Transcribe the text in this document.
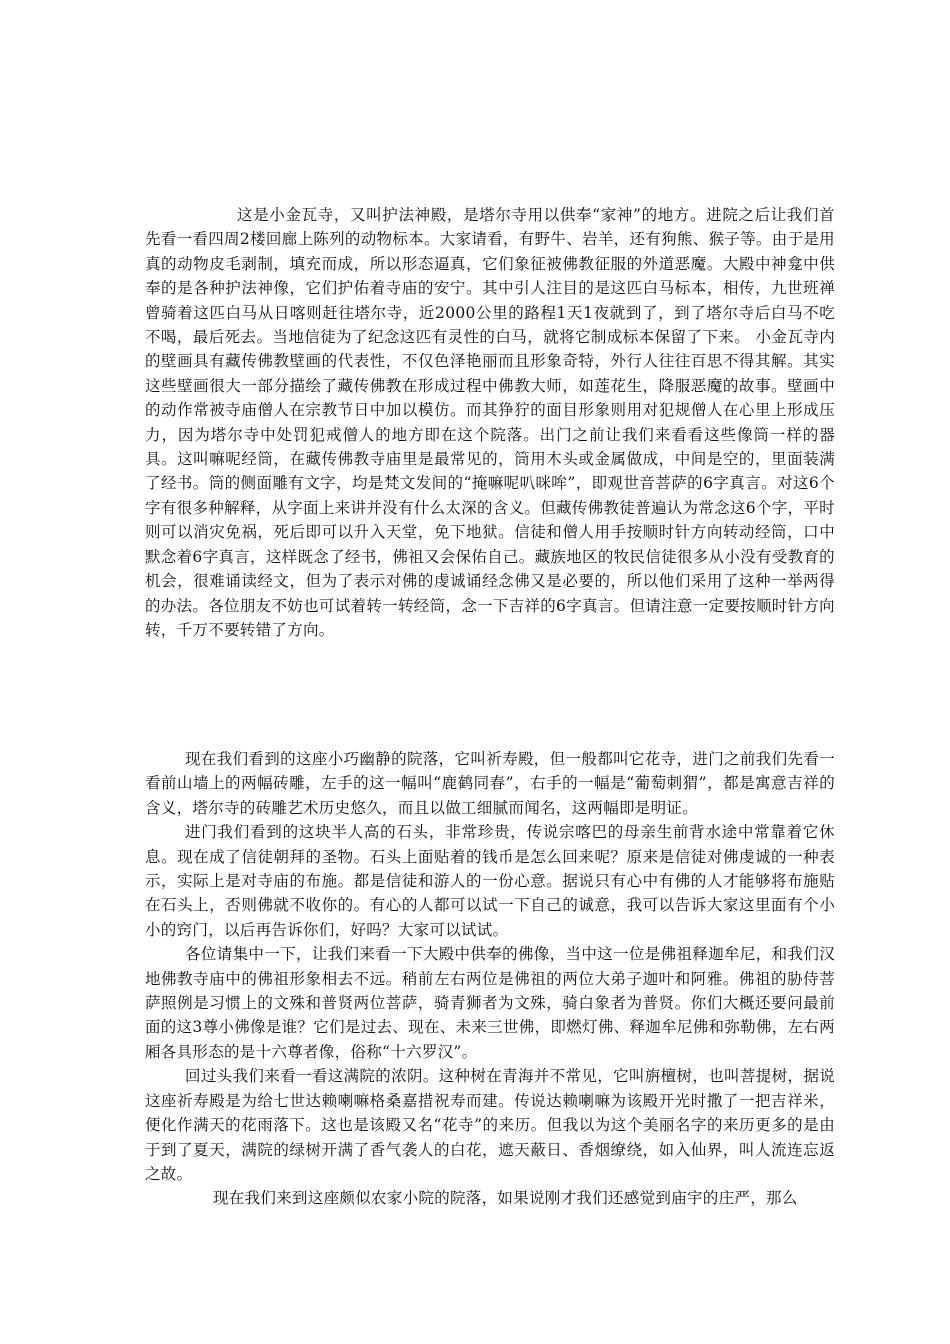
这是小金瓦寺，又叫护法神殿，是塔尔寺用以供奉“家神”的地方。进院之后让我们首先看一看四周2楼回廊上陈列的动物标本。大家请看，有野牛、岩羊，还有狗熊、猴子等。由于是用真的动物皮毛剥制，填充而成，所以形态逼真，它们象征被佛教征服的外道恶魔。大殿中神龛中供奉的是各种护法神像，它们护佑着寺庙的安宁。其中引人注目的是这匹白马标本，相传，九世班禅曾骑着这匹白马从日喀则赶往塔尔寺，近2000公里的路程1天1夜就到了，到了塔尔寺后白马不吃不喝，最后死去。当地信徒为了纪念这匹有灵性的白马，就将它制成标本保留了下来。 小金瓦寺内的壁画具有藏传佛教壁画的代表性，不仅色泽艳丽而且形象奇特，外行人往往百思不得其解。其实这些壁画很大一部分描绘了藏传佛教在形成过程中佛教大师，如莲花生，降服恶魔的故事。壁画中的动作常被寺庙僧人在宗教节日中加以模仿。而其狰狞的面目形象则用对犯规僧人在心里上形成压力，因为塔尔寺中处罚犯戒僧人的地方即在这个院落。出门之前让我们来看看这些像筒一样的器具。这叫嘛呢经筒，在藏传佛教寺庙里是最常见的，筒用木头或金属做成，中间是空的，里面装满了经书。筒的侧面雕有文字，均是梵文发间的“掩嘛呢叭咪哞”，即观世音菩萨的6字真言。对这6个字有很多种解释，从字面上来讲并没有什么太深的含义。但藏传佛教徒普遍认为常念这6个字，平时则可以消灾免祸，死后即可以升入天堂，免下地狱。信徒和僧人用手按顺时针方向转动经筒，口中默念着6字真言，这样既念了经书，佛祖又会保佑自己。藏族地区的牧民信徒很多从小没有受教育的机会，很难诵读经文，但为了表示对佛的虔诚诵经念佛又是必要的，所以他们采用了这种一举两得的办法。各位朋友不妨也可试着转一转经筒，念一下吉祥的6字真言。但请注意一定要按顺时针方向转，千万不要转错了方向。

现在我们看到的这座小巧幽静的院落，它叫祈寿殿，但一般都叫它花寺，进门之前我们先看一看前山墙上的两幅砖雕，左手的这一幅叫“鹿鹤同春”，右手的一幅是“葡萄刺猬”，都是寓意吉祥的含义，塔尔寺的砖雕艺术历史悠久，而且以做工细腻而闻名，这两幅即是明证。

进门我们看到的这块半人高的石头，非常珍贵，传说宗喀巴的母亲生前背水途中常靠着它休息。现在成了信徒朝拜的圣物。石头上面贴着的钱币是怎么回来呢？原来是信徒对佛虔诚的一种表示，实际上是对寺庙的布施。都是信徒和游人的一份心意。据说只有心中有佛的人才能够将布施贴在石头上，否则佛就不收你的。有心的人都可以试一下自己的诚意，我可以告诉大家这里面有个小小的窍门，以后再告诉你们，好吗？大家可以试试。

各位请集中一下，让我们来看一下大殿中供奉的佛像，当中这一位是佛祖释迦牟尼，和我们汉地佛教寺庙中的佛祖形象相去不远。稍前左右两位是佛祖的两位大弟子迦叶和阿雅。佛祖的胁侍菩萨照例是习惯上的文殊和普贤两位菩萨，骑青狮者为文殊，骑白象者为普贤。你们大概还要问最前面的这3尊小佛像是谁？它们是过去、现在、未来三世佛，即燃灯佛、释迦牟尼佛和弥勒佛，左右两厢各具形态的是十六尊者像，俗称“十六罗汉”。

回过头我们来看一看这满院的浓阴。这种树在青海并不常见，它叫旃檀树，也叫菩提树，据说这座祈寿殿是为给七世达赖喇嘛格桑嘉措祝寿而建。传说达赖喇嘛为该殿开光时撒了一把吉祥米，便化作满天的花雨落下。这也是该殿又名“花寺”的来历。但我以为这个美丽名字的来历更多的是由于到了夏天，满院的绿树开满了香气袭人的白花，遮天蔽日、香烟缭绕，如入仙界，叫人流连忘返之故。

现在我们来到这座颇似农家小院的院落，如果说刚才我们还感觉到庙宇的庄严，那么
